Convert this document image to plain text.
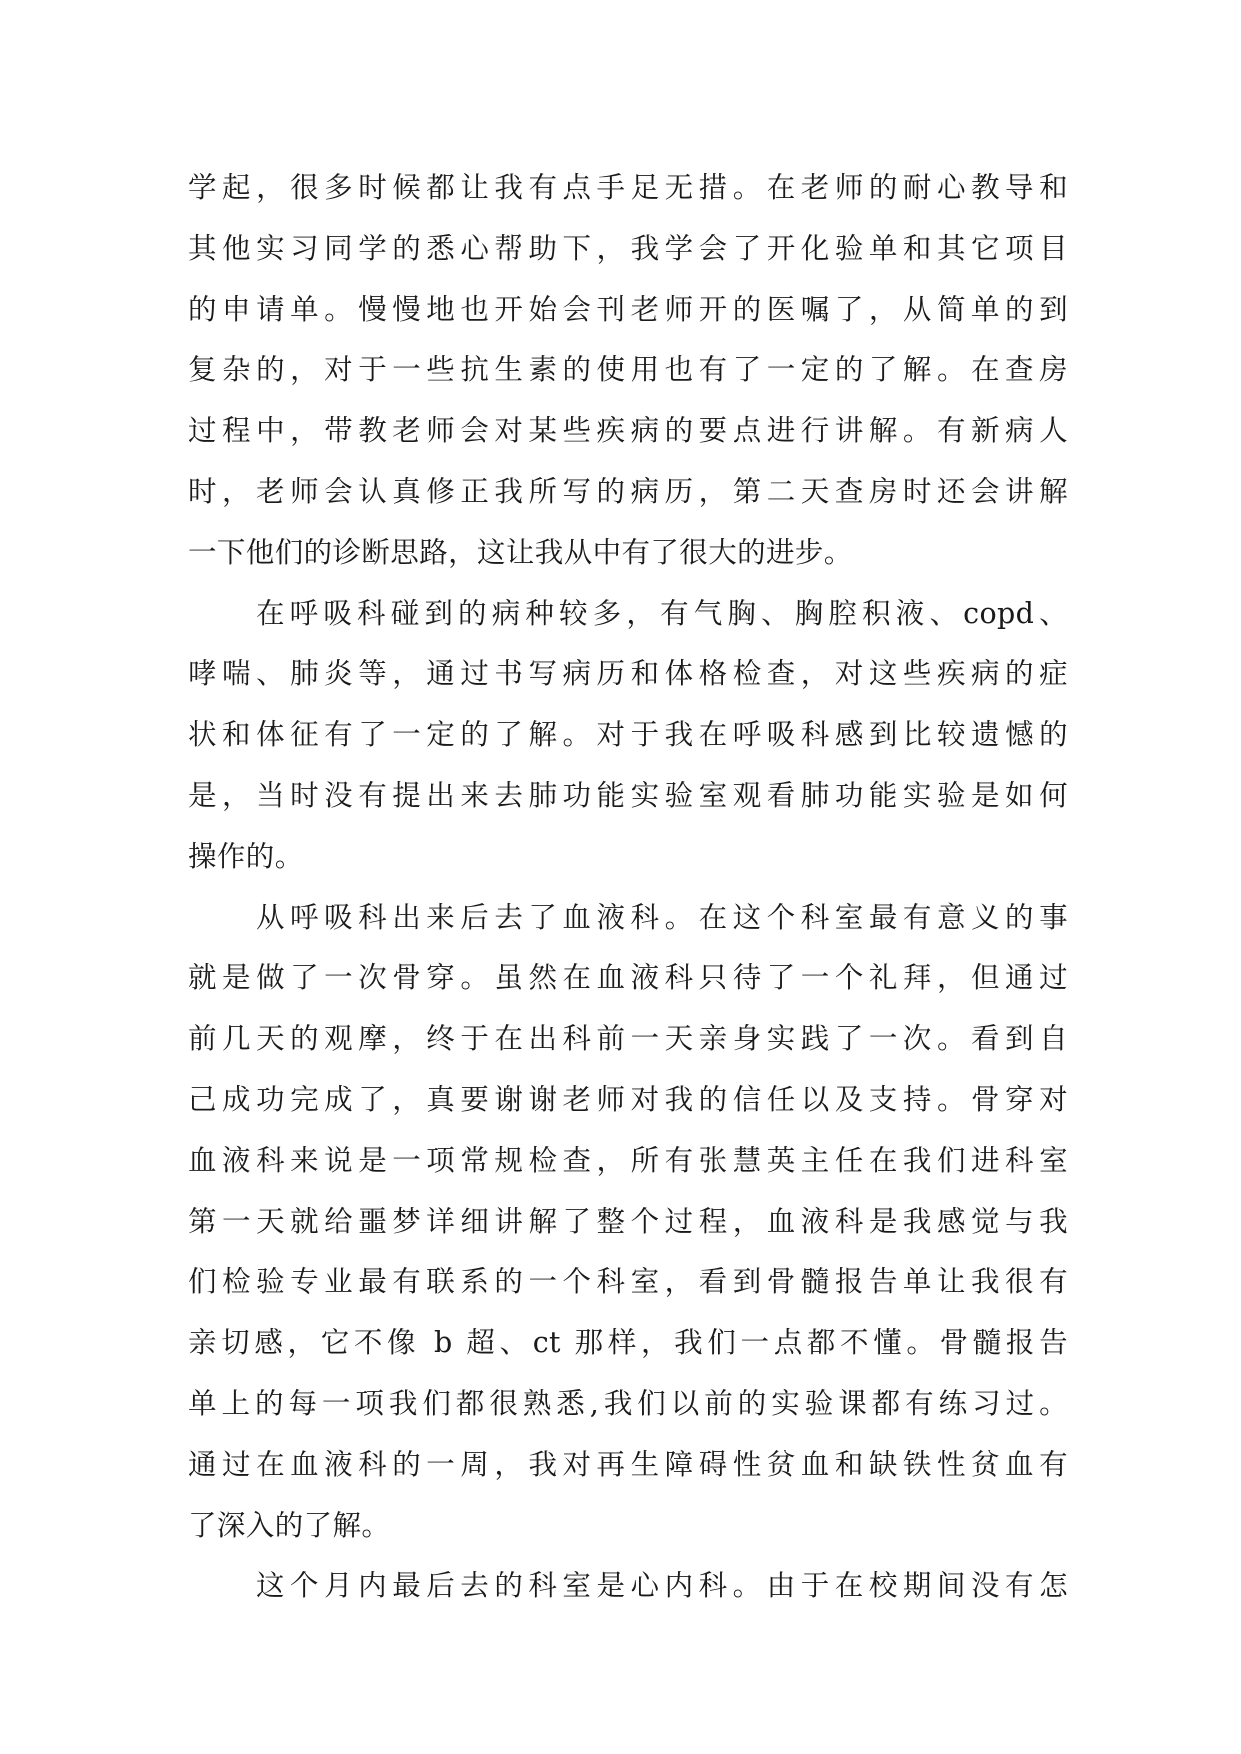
学起，很多时候都让我有点手足无措。在老师的耐心教导和
其他实习同学的悉心帮助下，我学会了开化验单和其它项目
的申请单。慢慢地也开始会刊老师开的医嘱了，从简单的到
复杂的，对于一些抗生素的使用也有了一定的了解。在查房
过程中，带教老师会对某些疾病的要点进行讲解。有新病人
时，老师会认真修正我所写的病历，第二天查房时还会讲解
一下他们的诊断思路，这让我从中有了很大的进步。
在呼吸科碰到的病种较多，有气胸、胸腔积液、copd、
哮喘、肺炎等，通过书写病历和体格检查，对这些疾病的症
状和体征有了一定的了解。对于我在呼吸科感到比较遗憾的
是，当时没有提出来去肺功能实验室观看肺功能实验是如何
操作的。
从呼吸科出来后去了血液科。在这个科室最有意义的事
就是做了一次骨穿。虽然在血液科只待了一个礼拜，但通过
前几天的观摩，终于在出科前一天亲身实践了一次。看到自
己成功完成了，真要谢谢老师对我的信任以及支持。骨穿对
血液科来说是一项常规检查，所有张慧英主任在我们进科室
第一天就给噩梦详细讲解了整个过程，血液科是我感觉与我
们检验专业最有联系的一个科室，看到骨髓报告单让我很有
亲切感，它不像 b 超、ct 那样，我们一点都不懂。骨髓报告
单上的每一项我们都很熟悉,我们以前的实验课都有练习过。
通过在血液科的一周，我对再生障碍性贫血和缺铁性贫血有
了深入的了解。
这个月内最后去的科室是心内科。由于在校期间没有怎
